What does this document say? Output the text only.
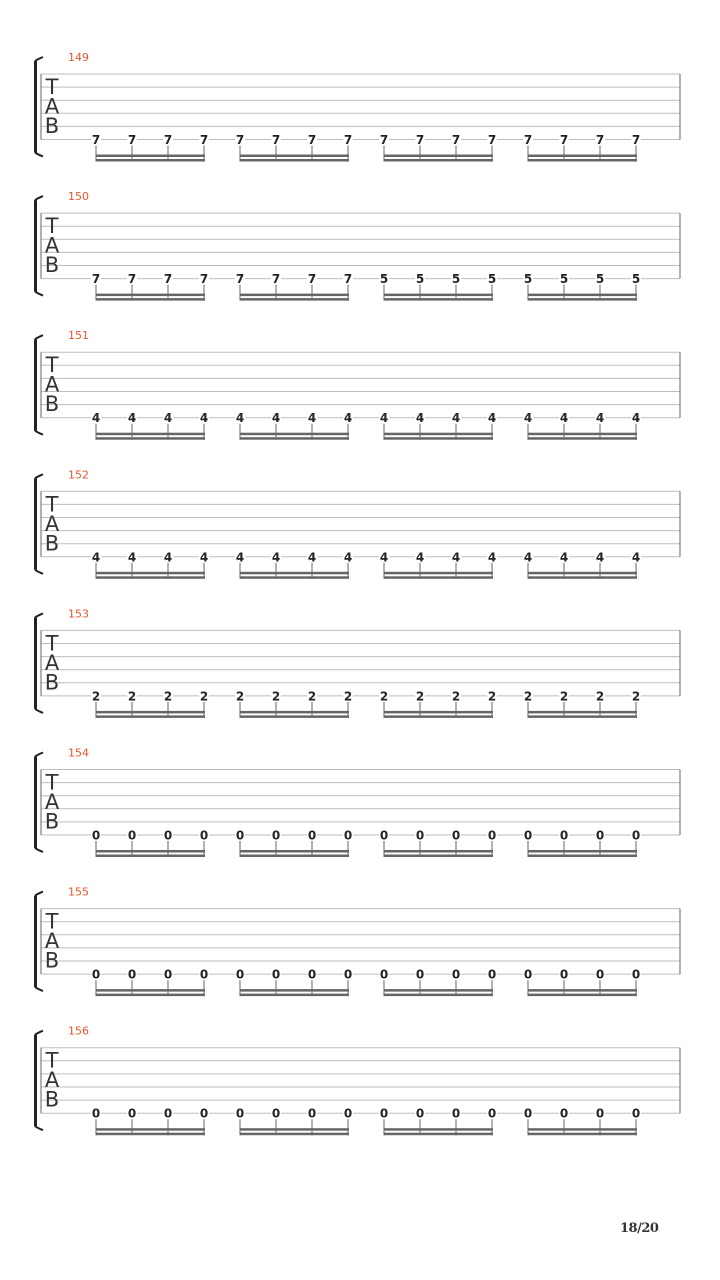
149
T
A
B
7 7 7 7 7 7 7 7 7 7 7 7 7 7 7 7
150
T
A
B
7 7 7 7 7 7 7 7 5 5 5 5 5 5 5 5
151
T
A
B
4 4 4 4 4 4 4 4 4 4 4 4 4 4 4 4
152
T
A
B
4 4 4 4 4 4 4 4 4 4 4 4 4 4 4 4
153
T
A
B
2 2 2 2 2 2 2 2 2 2 2 2 2 2 2 2
154
T
A
B
0 0 0 0 0 0 0 0 0 0 0 0 0 0 0 0
155
T
A
B
0 0 0 0 0 0 0 0 0 0 0 0 0 0 0 0
156
T
A
B
0 0 0 0 0 0 0 0 0 0 0 0 0 0 0 0
18/20
